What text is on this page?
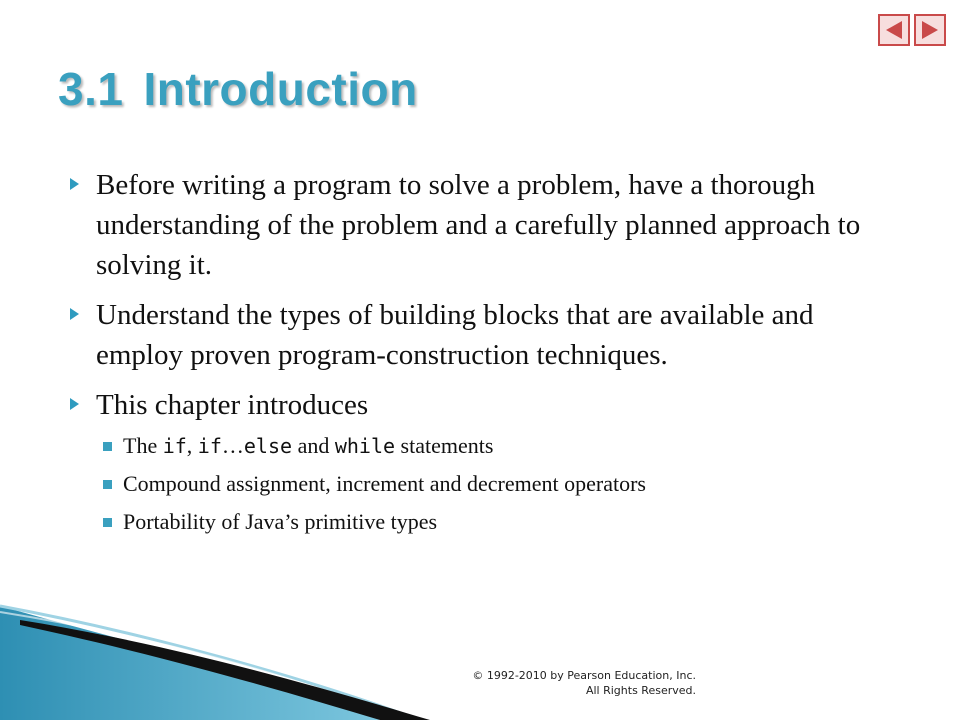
3.1 Introduction
Before writing a program to solve a problem, have a thorough understanding of the problem and a carefully planned approach to solving it.
Understand the types of building blocks that are available and employ proven program-construction techniques.
This chapter introduces
The if, if…else and while statements
Compound assignment, increment and decrement operators
Portability of Java’s primitive types
© 1992-2010 by Pearson Education, Inc.
All Rights Reserved.
